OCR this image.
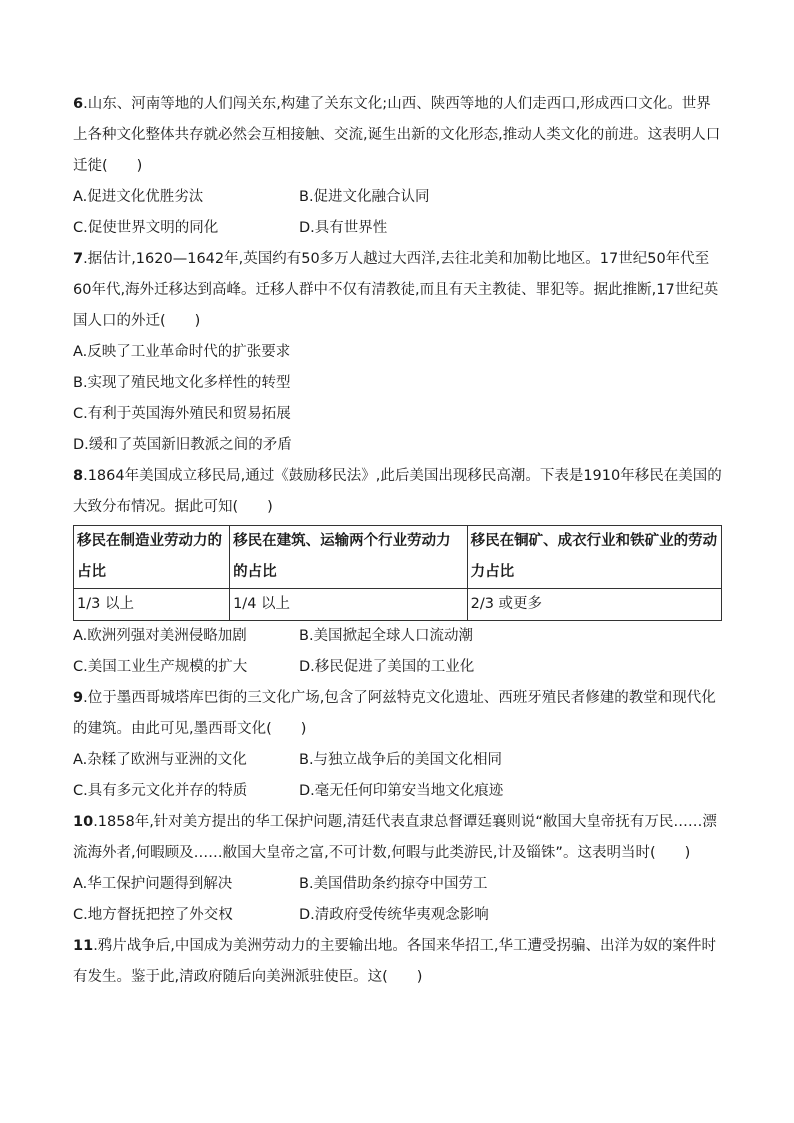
6.山东、河南等地的人们闯关东,构建了关东文化;山西、陕西等地的人们走西口,形成西口文化。世界上各种文化整体共存就必然会互相接触、交流,诞生出新的文化形态,推动人类文化的前进。这表明人口迁徙(　　)

A.促进文化优胜劣汰	B.促进文化融合认同
C.促使世界文明的同化	D.具有世界性

7.据估计,1620—1642年,英国约有50多万人越过大西洋,去往北美和加勒比地区。17世纪50年代至60年代,海外迁移达到高峰。迁移人群中不仅有清教徒,而且有天主教徒、罪犯等。据此推断,17世纪英国人口的外迁(　　)

A.反映了工业革命时代的扩张要求
B.实现了殖民地文化多样性的转型
C.有利于英国海外殖民和贸易拓展
D.缓和了英国新旧教派之间的矛盾

8.1864年美国成立移民局,通过《鼓励移民法》,此后美国出现移民高潮。下表是1910年移民在美国的大致分布情况。据此可知(　　)

移民在制造业劳动力的占比	移民在建筑、运输两个行业劳动力的占比	移民在铜矿、成衣行业和铁矿业的劳动力占比
1/3 以上	1/4 以上	2/3 或更多
A.欧洲列强对美洲侵略加剧	B.美国掀起全球人口流动潮
C.美国工业生产规模的扩大	D.移民促进了美国的工业化

9.位于墨西哥城塔库巴街的三文化广场,包含了阿兹特克文化遗址、西班牙殖民者修建的教堂和现代化的建筑。由此可见,墨西哥文化(　　)

A.杂糅了欧洲与亚洲的文化	B.与独立战争后的美国文化相同
C.具有多元文化并存的特质	D.毫无任何印第安当地文化痕迹

10.1858年,针对美方提出的华工保护问题,清廷代表直隶总督谭廷襄则说“敝国大皇帝抚有万民……漂流海外者,何暇顾及……敝国大皇帝之富,不可计数,何暇与此类游民,计及锱铢”。这表明当时(　　)

A.华工保护问题得到解决	B.美国借助条约掠夺中国劳工
C.地方督抚把控了外交权	D.清政府受传统华夷观念影响

11.鸦片战争后,中国成为美洲劳动力的主要输出地。各国来华招工,华工遭受拐骗、出洋为奴的案件时有发生。鉴于此,清政府随后向美洲派驻使臣。这(　　)
